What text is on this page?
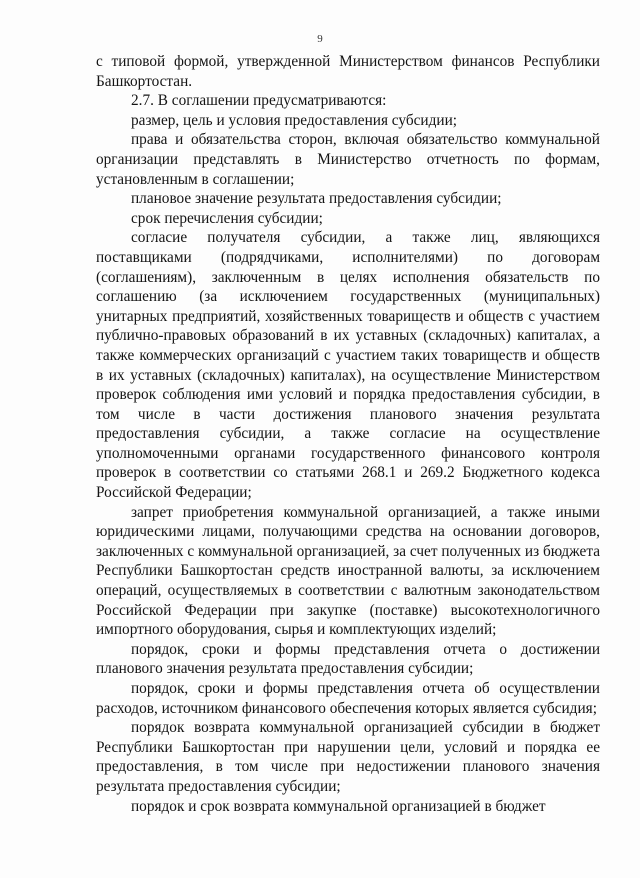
9

с типовой формой, утвержденной Министерством финансов Республики Башкортостан.

2.7. В соглашении предусматриваются:

размер, цель и условия предоставления субсидии;

права и обязательства сторон, включая обязательство коммунальной организации представлять в Министерство отчетность по формам, установленным в соглашении;

плановое значение результата предоставления субсидии;

срок перечисления субсидии;

согласие получателя субсидии, а также лиц, являющихся поставщиками (подрядчиками, исполнителями) по договорам (соглашениям), заключенным в целях исполнения обязательств по соглашению (за исключением государственных (муниципальных) унитарных предприятий, хозяйственных товариществ и обществ с участием публично-правовых образований в их уставных (складочных) капиталах, а также коммерческих организаций с участием таких товариществ и обществ в их уставных (складочных) капиталах), на осуществление Министерством проверок соблюдения ими условий и порядка предоставления субсидии, в том числе в части достижения планового значения результата предоставления субсидии, а также согласие на осуществление уполномоченными органами государственного финансового контроля проверок в соответствии со статьями 268.1 и 269.2 Бюджетного кодекса Российской Федерации;

запрет приобретения коммунальной организацией, а также иными юридическими лицами, получающими средства на основании договоров, заключенных с коммунальной организацией, за счет полученных из бюджета Республики Башкортостан средств иностранной валюты, за исключением операций, осуществляемых в соответствии с валютным законодательством Российской Федерации при закупке (поставке) высокотехнологичного импортного оборудования, сырья и комплектующих изделий;

порядок, сроки и формы представления отчета о достижении планового значения результата предоставления субсидии;

порядок, сроки и формы представления отчета об осуществлении расходов, источником финансового обеспечения которых является субсидия;

порядок возврата коммунальной организацией субсидии в бюджет Республики Башкортостан при нарушении цели, условий и порядка ее предоставления, в том числе при недостижении планового значения результата предоставления субсидии;

порядок и срок возврата коммунальной организацией в бюджет
